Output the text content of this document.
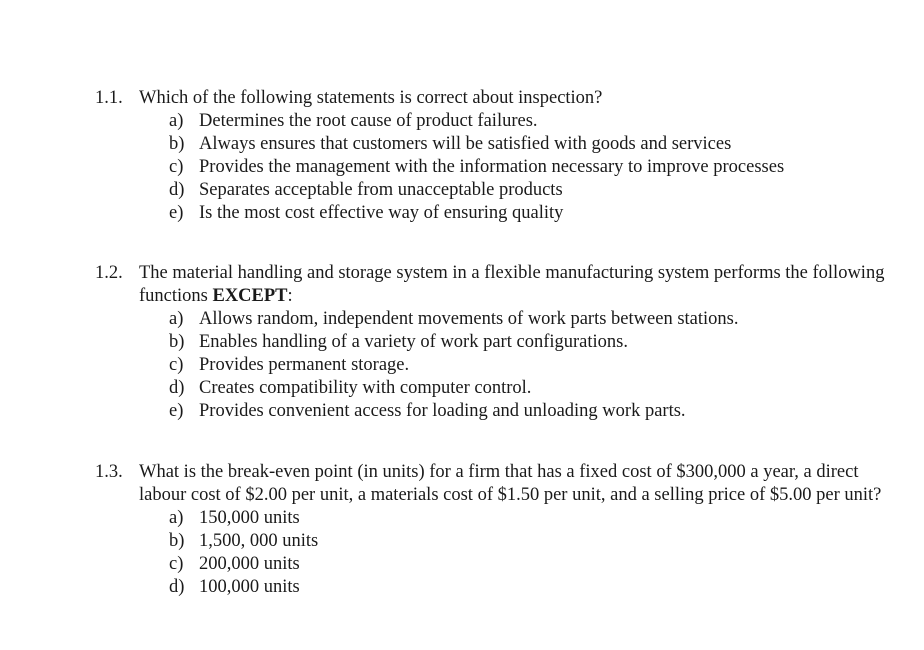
1.1. Which of the following statements is correct about inspection?
a) Determines the root cause of product failures.
b) Always ensures that customers will be satisfied with goods and services
c) Provides the management with the information necessary to improve processes
d) Separates acceptable from unacceptable products
e) Is the most cost effective way of ensuring quality
1.2. The material handling and storage system in a flexible manufacturing system performs the following functions EXCEPT:
a) Allows random, independent movements of work parts between stations.
b) Enables handling of a variety of work part configurations.
c) Provides permanent storage.
d) Creates compatibility with computer control.
e) Provides convenient access for loading and unloading work parts.
1.3. What is the break-even point (in units) for a firm that has a fixed cost of $300,000 a year, a direct labour cost of $2.00 per unit, a materials cost of $1.50 per unit, and a selling price of $5.00 per unit?
a) 150,000 units
b) 1,500, 000 units
c) 200,000 units
d) 100,000 units
